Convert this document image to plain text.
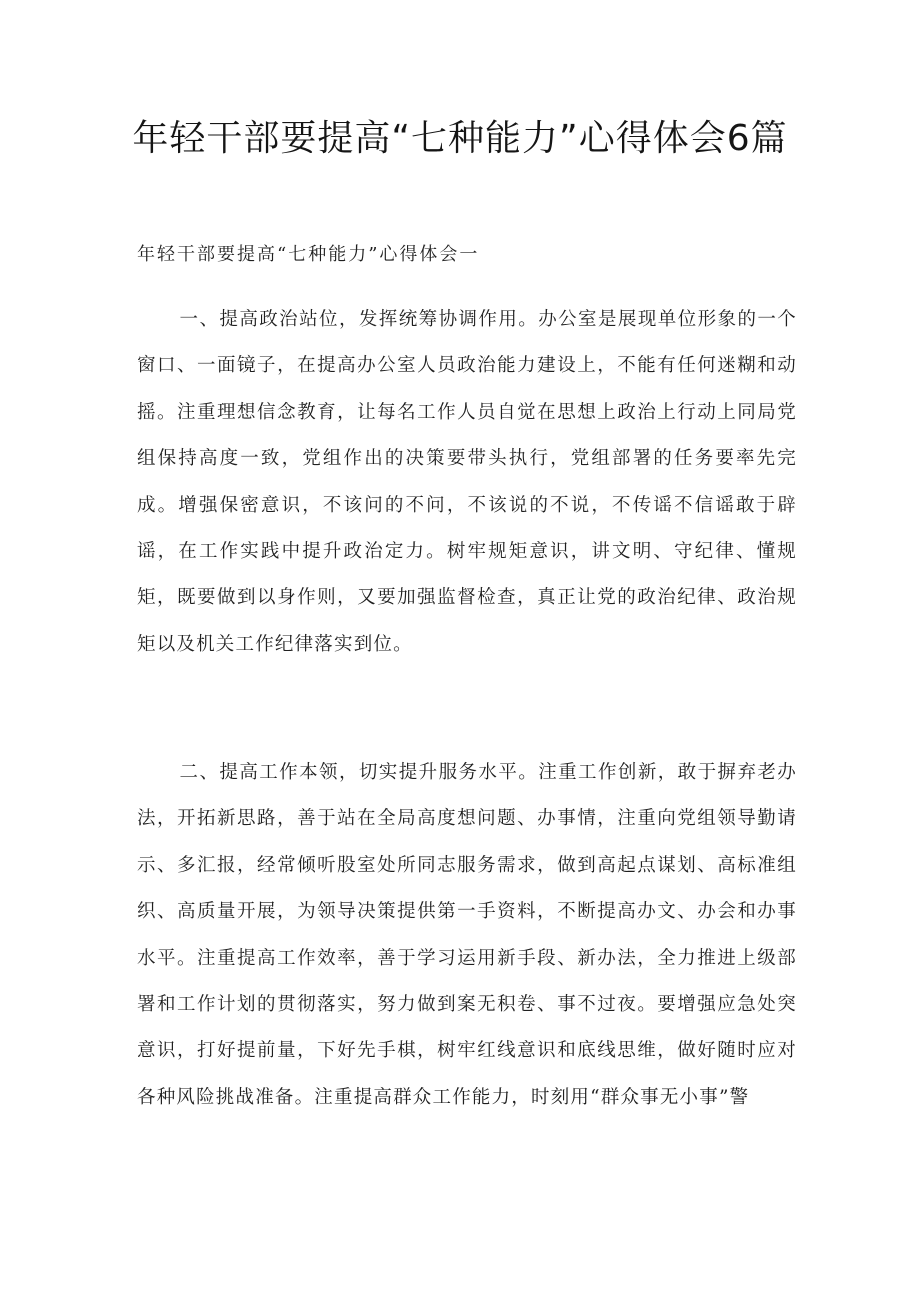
年轻干部要提高“七种能力”心得体会6篇

年轻干部要提高“七种能力”心得体会一

一、提高政治站位，发挥统筹协调作用。办公室是展现单位形象的一个窗口、一面镜子，在提高办公室人员政治能力建设上，不能有任何迷糊和动摇。注重理想信念教育，让每名工作人员自觉在思想上政治上行动上同局党组保持高度一致，党组作出的决策要带头执行，党组部署的任务要率先完成。增强保密意识，不该问的不问，不该说的不说，不传谣不信谣敢于辟谣，在工作实践中提升政治定力。树牢规矩意识，讲文明、守纪律、懂规矩，既要做到以身作则，又要加强监督检查，真正让党的政治纪律、政治规矩以及机关工作纪律落实到位。

二、提高工作本领，切实提升服务水平。注重工作创新，敢于摒弃老办法，开拓新思路，善于站在全局高度想问题、办事情，注重向党组领导勤请示、多汇报，经常倾听股室处所同志服务需求，做到高起点谋划、高标准组织、高质量开展，为领导决策提供第一手资料，不断提高办文、办会和办事水平。注重提高工作效率，善于学习运用新手段、新办法，全力推进上级部署和工作计划的贯彻落实，努力做到案无积卷、事不过夜。要增强应急处突意识，打好提前量，下好先手棋，树牢红线意识和底线思维，做好随时应对各种风险挑战准备。注重提高群众工作能力，时刻用“群众事无小事”警
